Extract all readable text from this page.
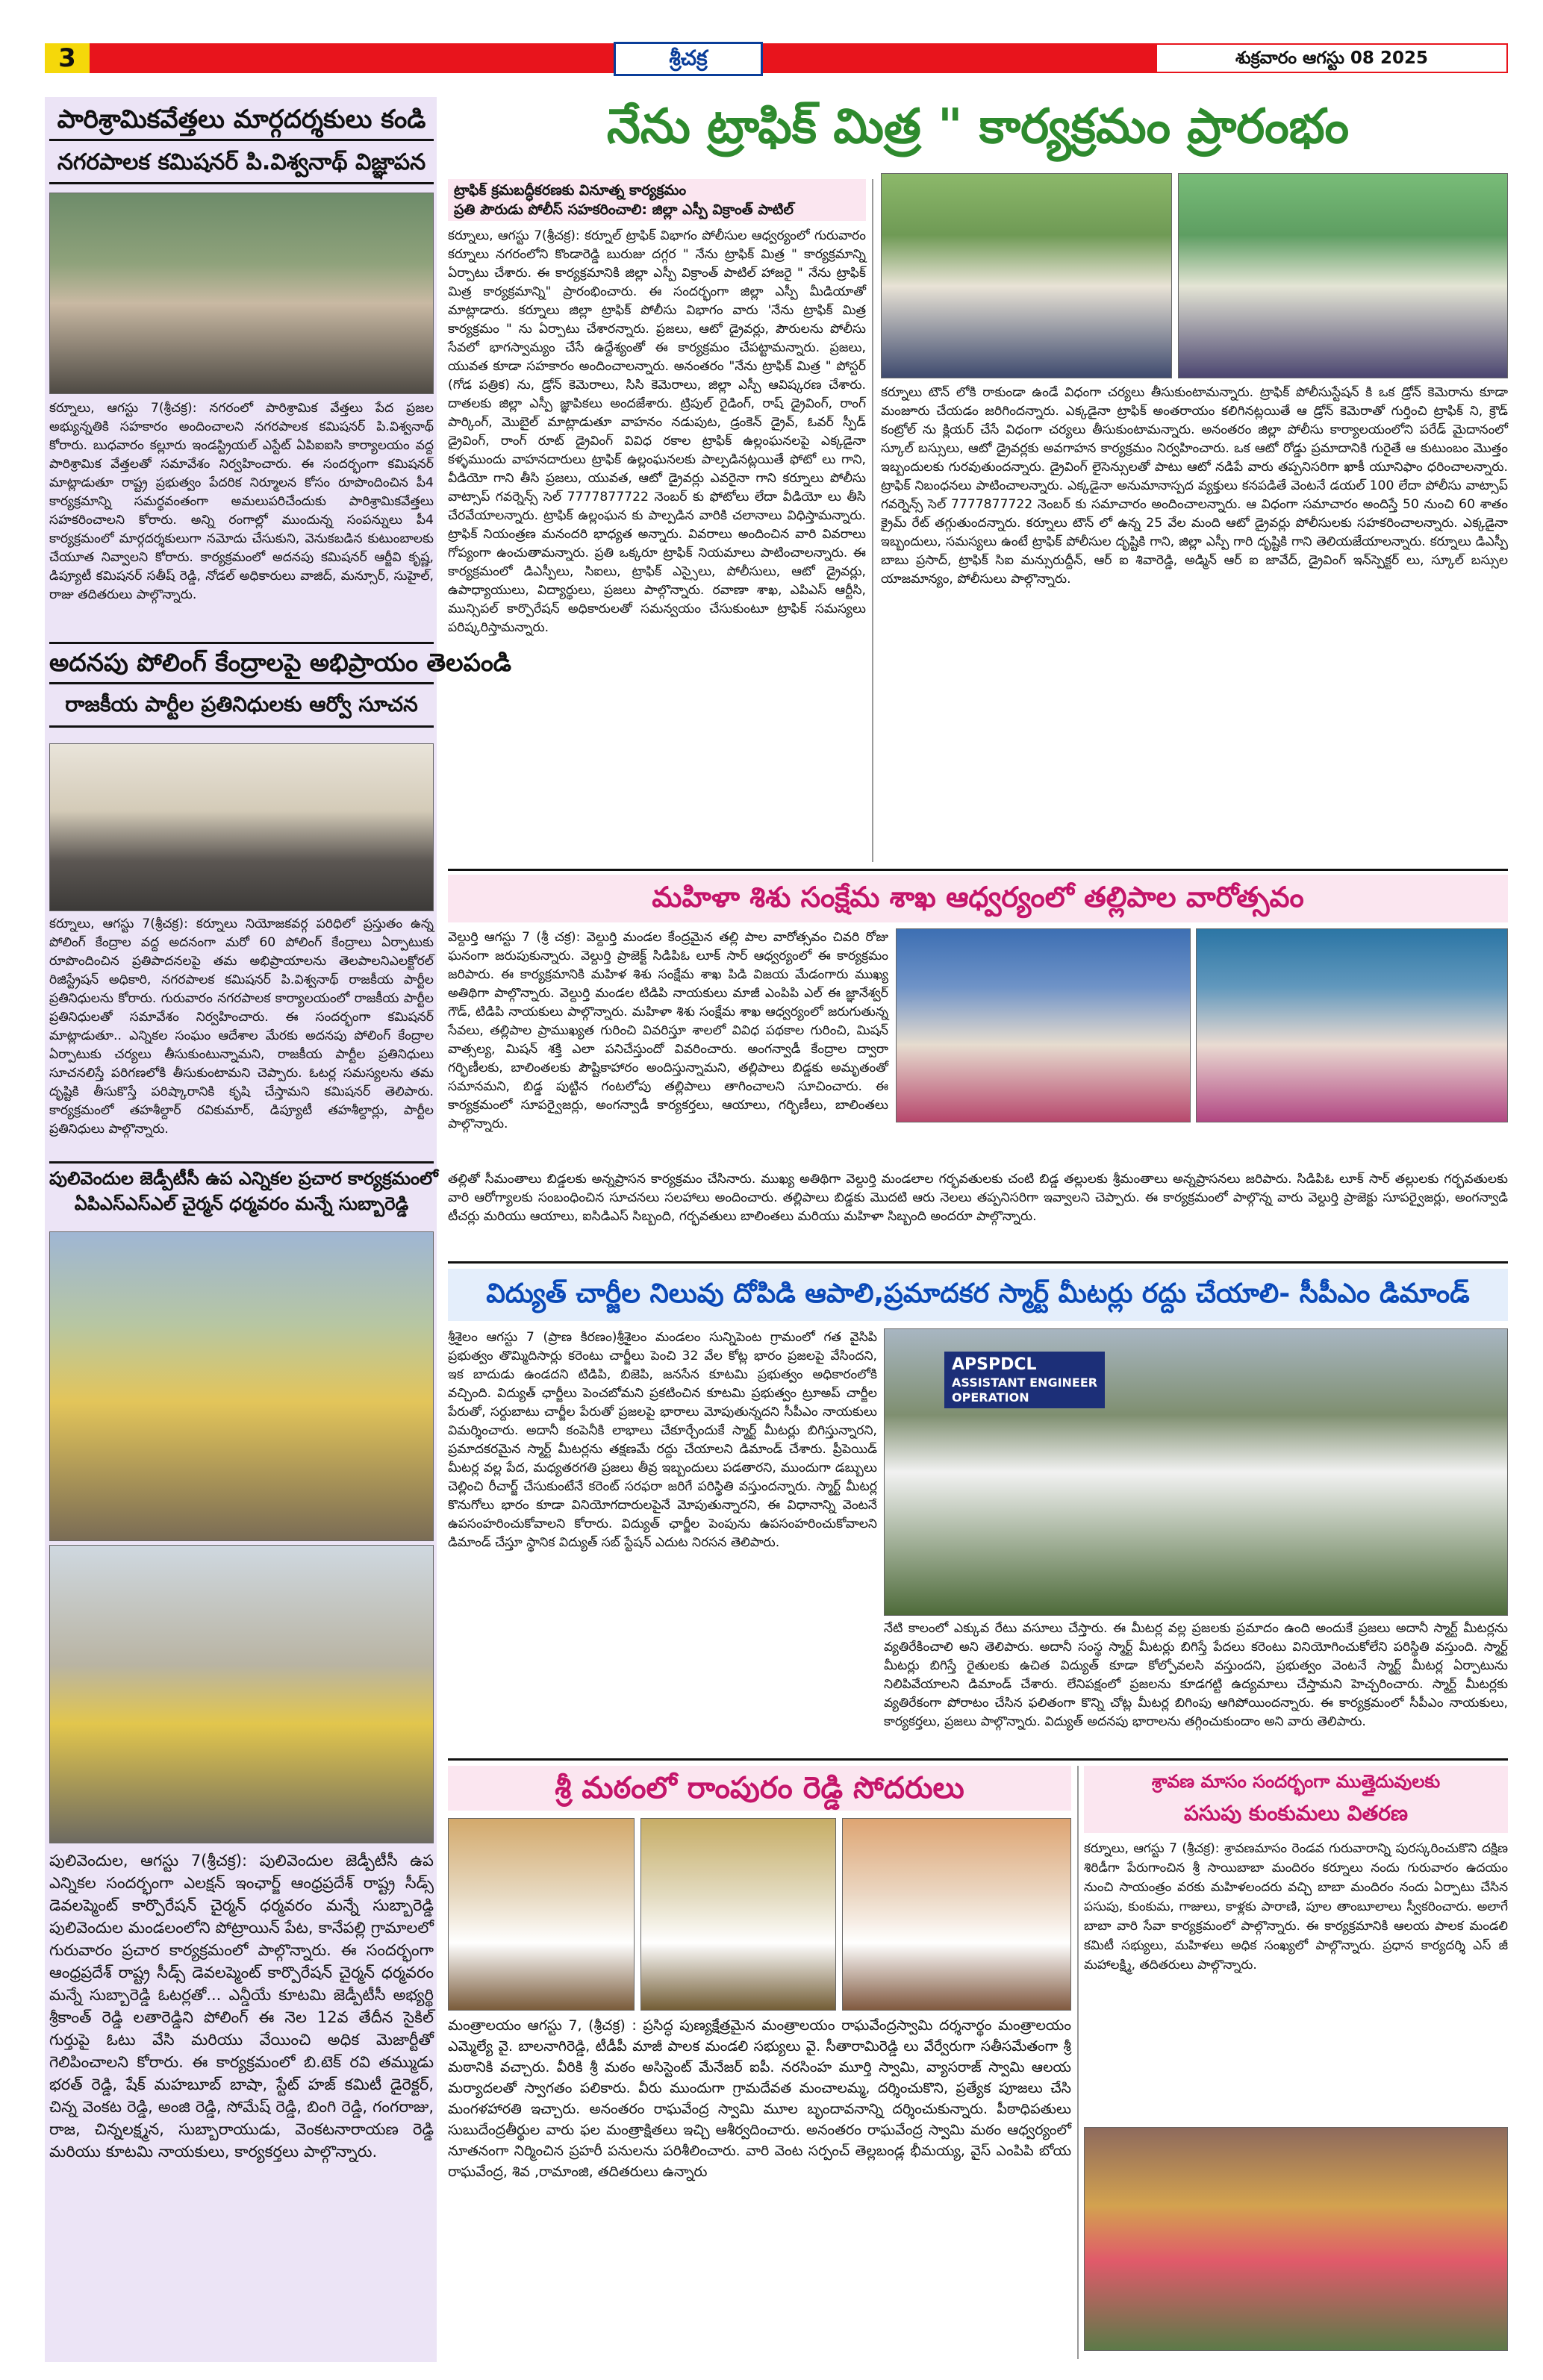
3	శ్రీచక్ర	శుక్రవారం ఆగస్టు 08 2025
పారిశ్రామికవేత్తలు మార్గదర్శకులు కండి
నగరపాలక కమిషనర్ పి.విశ్వనాథ్ విజ్ఞాపన

కర్నూలు, ఆగస్టు 7(శ్రీచక్ర): నగరంలో పారిశ్రామిక వేత్తలు పేద ప్రజల అభ్యున్నతికి సహకారం అందించాలని నగరపాలక కమిషనర్ పి.విశ్వనాథ్ కోరారు. బుధవారం కల్లూరు ఇండస్ట్రియల్ ఎస్టేట్ ఏపిఐఐసి కార్యాలయం వద్ద పారిశ్రామిక వేత్తలతో సమావేశం నిర్వహించారు. ఈ సందర్భంగా కమిషనర్ మాట్లాడుతూ రాష్ట్ర ప్రభుత్వం పేదరిక నిర్మూలన కోసం రూపొందించిన పీ4 కార్యక్రమాన్ని సమర్థవంతంగా అమలుపరిచేందుకు పారిశ్రామికవేత్తలు సహకరించాలని కోరారు. అన్ని రంగాల్లో ముందున్న సంపన్నులు పీ4 కార్యక్రమంలో మార్గదర్శకులుగా నమోదు చేసుకుని, వెనుకబడిన కుటుంబాలకు చేయూత నివ్వాలని కోరారు. కార్యక్రమంలో అదనపు కమిషనర్ ఆర్జీవి కృష్ణ, డిప్యూటీ కమిషనర్ సతీష్ రెడ్డి, నోడల్ అధికారులు వాజిద్, మన్సూర్, సుహైల్, రాజు తదితరులు పాల్గొన్నారు.

అదనపు పోలింగ్ కేంద్రాలపై అభిప్రాయం తెలపండి
రాజకీయ పార్టీల ప్రతినిధులకు ఆర్వో సూచన

కర్నూలు, ఆగస్టు 7(శ్రీచక్ర): కర్నూలు నియోజకవర్గ పరిధిలో ప్రస్తుతం ఉన్న పోలింగ్ కేంద్రాల వద్ద అదనంగా మరో 60 పోలింగ్ కేంద్రాలు ఏర్పాటుకు రూపొందించిన ప్రతిపాదనలపై తమ అభిప్రాయాలను తెలపాలనిఎలక్టోరల్ రిజిస్ట్రేషన్ అధికారి, నగరపాలక కమిషనర్ పి.విశ్వనాథ్ రాజకీయ పార్టీల ప్రతినిధులను కోరారు. గురువారం నగరపాలక కార్యాలయంలో రాజకీయ పార్టీల ప్రతినిధులతో సమావేశం నిర్వహించారు. ఈ సందర్భంగా కమిషనర్ మాట్లాడుతూ.. ఎన్నికల సంఘం ఆదేశాల మేరకు అదనపు పోలింగ్ కేంద్రాల ఏర్పాటుకు చర్యలు తీసుకుంటున్నామని, రాజకీయ పార్టీల ప్రతినిధులు సూచనలిస్తే పరిగణలోకి తీసుకుంటామని చెప్పారు. ఓటర్ల సమస్యలను తమ దృష్టికి తీసుకొస్తే పరిష్కారానికి కృషి చేస్తామని కమిషనర్ తెలిపారు. కార్యక్రమంలో తహశీల్దార్ రవికుమార్, డిప్యూటీ తహశీల్దార్లు, పార్టీల ప్రతినిధులు పాల్గొన్నారు.

పులివెందుల జెడ్పీటీసీ ఉప ఎన్నికల ప్రచార కార్యక్రమంలో
ఏపిఎస్ఎస్ఎల్ చైర్మన్ ధర్మవరం మన్నే సుబ్బారెడ్డి

పులివెందుల, ఆగస్టు 7(శ్రీచక్ర): పులివెందుల జెడ్పీటీసీ ఉప ఎన్నికల సందర్భంగా ఎలక్షన్ ఇంఛార్జ్ ఆంధ్రప్రదేశ్ రాష్ట్ర సీడ్స్ డెవలప్మెంట్ కార్పొరేషన్ చైర్మన్ ధర్మవరం మన్నే సుబ్బారెడ్డి పులివెందుల మండలంలోని పోట్రాయిన్ పేట, కానేపల్లి గ్రామాలలో గురువారం ప్రచార కార్యక్రమంలో పాల్గొన్నారు. ఈ సందర్భంగా ఆంధ్రప్రదేశ్ రాష్ట్ర సీడ్స్ డెవలప్మెంట్ కార్పొరేషన్ చైర్మన్ ధర్మవరం మన్నే సుబ్బారెడ్డి ఓటర్లతో... ఎన్డీయే కూటమి జెడ్పీటీసీ అభ్యర్థి శ్రీకాంత్ రెడ్డి లతారెడ్డిని పోలింగ్ ఈ నెల 12వ తేదీన సైకిల్ గుర్తుపై ఓటు వేసి మరియు వేయించి అధిక మెజార్టీతో గెలిపించాలని కోరారు. ఈ కార్యక్రమంలో బి.టెక్ రవి తమ్ముడు భరత్ రెడ్డి, షేక్ మహబూబ్ బాషా, స్టేట్ హజ్ కమిటీ డైరెక్టర్, చిన్న వెంకట రెడ్డి, అంజి రెడ్డి, సోమేష్ రెడ్డి, బింగి రెడ్డి, గంగరాజు, రాజ, చిన్నలక్ష్మన, సుబ్బారాయుడు, వెంకటనారాయణ రెడ్డి మరియు కూటమి నాయకులు, కార్యకర్తలు పాల్గొన్నారు.

నేను ట్రాఫిక్ మిత్ర " కార్యక్రమం ప్రారంభం
ట్రాఫిక్ క్రమబద్ధీకరణకు వినూత్న కార్యక్రమం
ప్రతి పౌరుడు పోలీస్ సహకరించాలి: జిల్లా ఎస్పీ విక్రాంత్ పాటిల్

కర్నూలు, ఆగస్టు 7(శ్రీచక్ర): కర్నూల్ ట్రాఫిక్ విభాగం పోలీసుల ఆధ్వర్యంలో గురువారం కర్నూలు నగరంలోని కొండారెడ్డి బురుజు దగ్గర " నేను ట్రాఫిక్ మిత్ర " కార్యక్రమాన్ని ఏర్పాటు చేశారు. ఈ కార్యక్రమానికి జిల్లా ఎస్పీ విక్రాంత్ పాటిల్ హాజరై " నేను ట్రాఫిక్ మిత్ర కార్యక్రమాన్ని" ప్రారంభించారు. ఈ సందర్భంగా జిల్లా ఎస్పీ మీడియాతో మాట్లాడారు. కర్నూలు జిల్లా ట్రాఫిక్ పోలీసు విభాగం వారు 'నేను ట్రాఫిక్ మిత్ర కార్యక్రమం " ను ఏర్పాటు చేశారన్నారు. ప్రజలు, ఆటో డ్రైవర్లు, పౌరులను పోలీసు సేవలో భాగస్వామ్యం చేసే ఉద్దేశ్యంతో ఈ కార్యక్రమం చేపట్టామన్నారు. ప్రజలు, యువత కూడా సహకారం అందించాలన్నారు. అనంతరం "నేను ట్రాఫిక్ మిత్ర " పోస్టర్ (గోడ పత్రిక) ను, డ్రోన్ కెమెరాలు, సిసి కెమెరాలు, జిల్లా ఎస్పీ ఆవిష్కరణ చేశారు. దాతలకు జిల్లా ఎస్పీ జ్ఞాపికలు అందజేశారు. ట్రిపుల్ రైడింగ్, రాష్ డ్రైవింగ్, రాంగ్ పార్కింగ్, మొబైల్ మాట్లాడుతూ వాహనం నడుపుట, డ్రంకెన్ డ్రైవ్, ఓవర్ స్పీడ్ డ్రైవింగ్, రాంగ్ రూట్ డ్రైవింగ్ వివిధ రకాల ట్రాఫిక్ ఉల్లంఘనలపై ఎక్కడైనా కళ్ళముందు వాహనదారులు ట్రాఫిక్ ఉల్లంఘనలకు పాల్పడినట్లయితే ఫోటో లు గాని, వీడియో గాని తీసి ప్రజలు, యువత, ఆటో డ్రైవర్లు ఎవరైనా గాని కర్నూలు పోలీసు వాట్సాప్ గవర్నెన్స్ సెల్ 7777877722 నెంబర్ కు ఫోటోలు లేదా వీడియో లు తీసి చేరవేయాలన్నారు. ట్రాఫిక్ ఉల్లంఘన కు పాల్పడిన వారికి చలానాలు విధిస్తామన్నారు. ట్రాఫిక్ నియంత్రణ మనందరి భాధ్యత అన్నారు. వివరాలు అందించిన వారి వివరాలు గోప్యంగా ఉంచుతామన్నారు. ప్రతి ఒక్కరూ ట్రాఫిక్ నియమాలు పాటించాలన్నారు. ఈ కార్యక్రమంలో డిఎస్పీలు, సిఐలు, ట్రాఫిక్ ఎస్సైలు, పోలీసులు, ఆటో డ్రైవర్లు, ఉపాధ్యాయులు, విద్యార్థులు, ప్రజలు పాల్గొన్నారు. రవాణా శాఖ, ఎపిఎస్ ఆర్టీసి, మున్సిపల్ కార్పొరేషన్ అధికారులతో సమన్వయం చేసుకుంటూ ట్రాఫిక్ సమస్యలు పరిష్కరిస్తామన్నారు.

కర్నూలు టౌన్ లోకి రాకుండా ఉండే విధంగా చర్యలు తీసుకుంటామన్నారు. ట్రాఫిక్ పోలీసుస్టేషన్ కి ఒక డ్రోన్ కెమెరాను కూడా మంజూరు చేయడం జరిగిందన్నారు. ఎక్కడైనా ట్రాఫిక్ అంతరాయం కలిగినట్లయితే ఆ డ్రోన్ కెమెరాతో గుర్తించి ట్రాఫిక్ ని, క్రౌడ్ కంట్రోల్ ను క్లియర్ చేసే విధంగా చర్యలు తీసుకుంటామన్నారు. అనంతరం జిల్లా పోలీసు కార్యాలయంలోని పరేడ్ మైదానంలో స్కూల్ బస్సులు, ఆటో డ్రైవర్లకు అవగాహన కార్యక్రమం నిర్వహించారు. ఒక ఆటో రోడ్డు ప్రమాదానికి గురైతే ఆ కుటుంబం మొత్తం ఇబ్బందులకు గురవుతుందన్నారు. డ్రైవింగ్ లైసెన్సులతో పాటు ఆటో నడిపే వారు తప్పనిసరిగా ఖాకీ యూనిఫాం ధరించాలన్నారు. ట్రాఫిక్ నిబంధనలు పాటించాలన్నారు. ఎక్కడైనా అనుమానాస్పద వ్యక్తులు కనపడితే వెంటనే డయల్ 100 లేదా పోలీసు వాట్సాప్ గవర్నెన్స్ సెల్ 7777877722 నెంబర్ కు సమాచారం అందించాలన్నారు. ఆ విధంగా సమాచారం అందిస్తే 50 నుంచి 60 శాతం క్రైమ్ రేట్ తగ్గుతుందన్నారు. కర్నూలు టౌన్ లో ఉన్న 25 వేల మంది ఆటో డ్రైవర్లు పోలీసులకు సహకరించాలన్నారు. ఎక్కడైనా ఇబ్బందులు, సమస్యలు ఉంటే ట్రాఫిక్ పోలీసుల దృష్టికి గాని, జిల్లా ఎస్పీ గారి దృష్టికి గాని తెలియజేయాలన్నారు. కర్నూలు డిఎస్పీ బాబు ప్రసాద్, ట్రాఫిక్ సిఐ మన్సురుద్దీన్, ఆర్ ఐ శివారెడ్డి, అడ్మిన్ ఆర్ ఐ జావేద్, డ్రైవింగ్ ఇన్‌స్పెక్టర్ లు, స్కూల్ బస్సుల యాజమాన్యం, పోలీసులు పాల్గొన్నారు.

మహిళా శిశు సంక్షేమ శాఖ ఆధ్వర్యంలో తల్లిపాల వారోత్సవం

వెల్దుర్తి ఆగస్టు 7 (శ్రీ చక్ర): వెల్దుర్తి మండల కేంద్రమైన తల్లి పాల వారోత్సవం చివరి రోజు ఘనంగా జరుపుకున్నారు. వెల్దుర్తి ప్రాజెక్ట్ సిడిపిఓ లూక్ సార్ ఆధ్వర్యంలో ఈ కార్యక్రమం జరిపారు. ఈ కార్యక్రమానికి మహిళ శిశు సంక్షేమ శాఖ పిడి విజయ మేడంగారు ముఖ్య అతిథిగా పాల్గొన్నారు. వెల్దుర్తి మండల టిడిపి నాయకులు మాజీ ఎంపిపి ఎల్ ఈ జ్ఞానేశ్వర్ గౌడ్, టిడిపి నాయకులు పాల్గొన్నారు. మహిళా శిశు సంక్షేమ శాఖ ఆధ్వర్యంలో జరుగుతున్న సేవలు, తల్లిపాల ప్రాముఖ్యత గురించి వివరిస్తూ శాలలో వివిధ పథకాల గురించి, మిషన్ వాత్సల్య, మిషన్ శక్తి ఎలా పనిచేస్తుందో వివరించారు. అంగన్వాడీ కేంద్రాల ద్వారా గర్భిణీలకు, బాలింతలకు పౌష్టికాహారం అందిస్తున్నామని, తల్లిపాలు బిడ్డకు అమృతంతో సమానమని, బిడ్డ పుట్టిన గంటలోపు తల్లిపాలు తాగించాలని సూచించారు. ఈ కార్యక్రమంలో సూపర్వైజర్లు, అంగన్వాడీ కార్యకర్తలు, ఆయాలు, గర్భిణీలు, బాలింతలు పాల్గొన్నారు.

తల్లితో సీమంతాలు బిడ్డలకు అన్నప్రాసన కార్యక్రమం చేసినారు. ముఖ్య అతిథిగా వెల్దుర్తి మండలాల గర్భవతులకు చంటి బిడ్డ తల్లులకు శ్రీమంతాలు అన్నప్రాసనలు జరిపారు. సిడిపిఓ లూక్ సార్ తల్లులకు గర్భవతులకు వారి ఆరోగ్యాలకు సంబంధించిన సూచనలు సలహాలు అందించారు. తల్లిపాలు బిడ్డకు మొదటి ఆరు నెలలు తప్పనిసరిగా ఇవ్వాలని చెప్పారు. ఈ కార్యక్రమంలో పాల్గొన్న వారు వెల్దుర్తి ప్రాజెక్టు సూపర్వైజర్లు, అంగన్వాడి టీచర్లు మరియు ఆయాలు, ఐసిడిఎస్ సిబ్బంది, గర్భవతులు బాలింతలు మరియు మహిళా సిబ్బంది అందరూ పాల్గొన్నారు.

విద్యుత్ చార్జీల నిలువు దోపిడి ఆపాలి,ప్రమాదకర స్మార్ట్ మీటర్లు రద్దు చేయాలి- సీపీఎం డిమాండ్

శ్రీశైలం ఆగస్టు 7 (ప్రాణ కిరణం)శ్రీశైలం మండలం సున్నిపెంట గ్రామంలో గత వైసిపి ప్రభుత్వం తొమ్మిదిసార్లు కరెంటు చార్జీలు పెంచి 32 వేల కోట్ల భారం ప్రజలపై వేసిందని, ఇక బాదుడు ఉండదని టిడిపి, బిజెపి, జనసేన కూటమి ప్రభుత్వం అధికారంలోకి వచ్చింది. విద్యుత్ ఛార్జీలు పెంచబోమని ప్రకటించిన కూటమి ప్రభుత్వం ట్రూఅప్ చార్జీల పేరుతో, సర్దుబాటు చార్జీల పేరుతో ప్రజలపై భారాలు మోపుతున్నదని సీపీఎం నాయకులు విమర్శించారు. అదానీ కంపెనీకి లాభాలు చేకూర్చేందుకే స్మార్ట్ మీటర్లు బిగిస్తున్నారని, ప్రమాదకరమైన స్మార్ట్ మీటర్లను తక్షణమే రద్దు చేయాలని డిమాండ్ చేశారు. ప్రీపెయిడ్ మీటర్ల వల్ల పేద, మధ్యతరగతి ప్రజలు తీవ్ర ఇబ్బందులు పడతారని, ముందుగా డబ్బులు చెల్లించి రీచార్జ్ చేసుకుంటేనే కరెంట్ సరఫరా జరిగే పరిస్థితి వస్తుందన్నారు. స్మార్ట్ మీటర్ల కొనుగోలు భారం కూడా వినియోగదారులపైనే మోపుతున్నారని, ఈ విధానాన్ని వెంటనే ఉపసంహరించుకోవాలని కోరారు. విద్యుత్ ఛార్జీల పెంపును ఉపసంహరించుకోవాలని డిమాండ్ చేస్తూ స్థానిక విద్యుత్ సబ్ స్టేషన్ ఎదుట నిరసన తెలిపారు.

APSPDCL
ASSISTANT ENGINEER
OPERATION

నేటి కాలంలో ఎక్కువ రేటు వసూలు చేస్తారు. ఈ మీటర్ల వల్ల ప్రజలకు ప్రమాదం ఉంది అందుకే ప్రజలు అదానీ స్మార్ట్ మీటర్లను వ్యతిరేకించాలి అని తెలిపారు. అదానీ సంస్థ స్మార్ట్ మీటర్లు బిగిస్తే పేదలు కరెంటు వినియోగించుకోలేని పరిస్థితి వస్తుంది. స్మార్ట్ మీటర్లు బిగిస్తే రైతులకు ఉచిత విద్యుత్ కూడా కోల్పోవలసి వస్తుందని, ప్రభుత్వం వెంటనే స్మార్ట్ మీటర్ల ఏర్పాటును నిలిపివేయాలని డిమాండ్ చేశారు. లేనిపక్షంలో ప్రజలను కూడగట్టి ఉద్యమాలు చేస్తామని హెచ్చరించారు. స్మార్ట్ మీటర్లకు వ్యతిరేకంగా పోరాటం చేసిన ఫలితంగా కొన్ని చోట్ల మీటర్ల బిగింపు ఆగిపోయిందన్నారు. ఈ కార్యక్రమంలో సీపీఎం నాయకులు, కార్యకర్తలు, ప్రజలు పాల్గొన్నారు. విద్యుత్ అదనపు భారాలను తగ్గించుకుందాం అని వారు తెలిపారు.

శ్రీ మఠంలో రాంపురం రెడ్డి సోదరులు

మంత్రాలయం ఆగస్టు 7, (శ్రీచక్ర) : ప్రసిద్ధ పుణ్యక్షేత్రమైన మంత్రాలయం రాఘవేంద్రస్వామి దర్శనార్థం మంత్రాలయం ఎమ్మెల్యే వై. బాలనాగిరెడ్డి, టీడీపీ మాజీ పాలక మండలి సభ్యులు వై. సీతారామిరెడ్డి లు వేర్వేరుగా సతీసమేతంగా శ్రీ మఠానికి వచ్చారు. వీరికి శ్రీ మఠం అసిస్టెంట్ మేనేజర్ ఐపీ. నరసింహ మూర్తి స్వామి, వ్యాసరాజ్ స్వామి ఆలయ మర్యాదలతో స్వాగతం పలికారు. వీరు ముందుగా గ్రామదేవత మంచాలమ్మ, దర్శించుకొని, ప్రత్యేక పూజలు చేసి మంగళహారతి ఇచ్చారు. అనంతరం రాఘవేంద్ర స్వామి మూల బృందావనాన్ని దర్శించుకున్నారు. పీఠాధిపతులు సుబుదేంద్రతీర్థుల వారు ఫల మంత్రాక్షితలు ఇచ్చి ఆశీర్వదించారు. అనంతరం రాఘవేంద్ర స్వామి మఠం ఆధ్వర్యంలో నూతనంగా నిర్మించిన ప్రహరీ పనులను పరిశీలించారు. వారి వెంట సర్పంచ్ తెల్లబండ్ల భీమయ్య, వైస్ ఎంపిపి బోయ రాఘవేంద్ర, శివ ,రామాంజి, తదితరులు ఉన్నారు

శ్రావణ మాసం సందర్భంగా ముత్తైదువులకు
పసుపు కుంకుమలు వితరణ

కర్నూలు, ఆగస్టు 7 (శ్రీచక్ర): శ్రావణమాసం రెండవ గురువారాన్ని పురస్కరించుకొని దక్షిణ శిరిడీగా పేరుగాంచిన శ్రీ సాయిబాబా మందిరం కర్నూలు నందు గురువారం ఉదయం నుంచి సాయంత్రం వరకు మహిళలందరు వచ్చి బాబా మందిరం నందు ఏర్పాటు చేసిన పసుపు, కుంకుమ, గాజులు, కాళ్లకు పారాణి, పూల తాంబూలాలు స్వీకరించారు. అలాగే బాబా వారి సేవా కార్యక్రమంలో పాల్గొన్నారు. ఈ కార్యక్రమానికి ఆలయ పాలక మండలి కమిటీ సభ్యులు, మహిళలు అధిక సంఖ్యలో పాల్గొన్నారు. ప్రధాన కార్యదర్శి ఎస్ జీ మహాలక్ష్మి, తదితరులు పాల్గొన్నారు.
